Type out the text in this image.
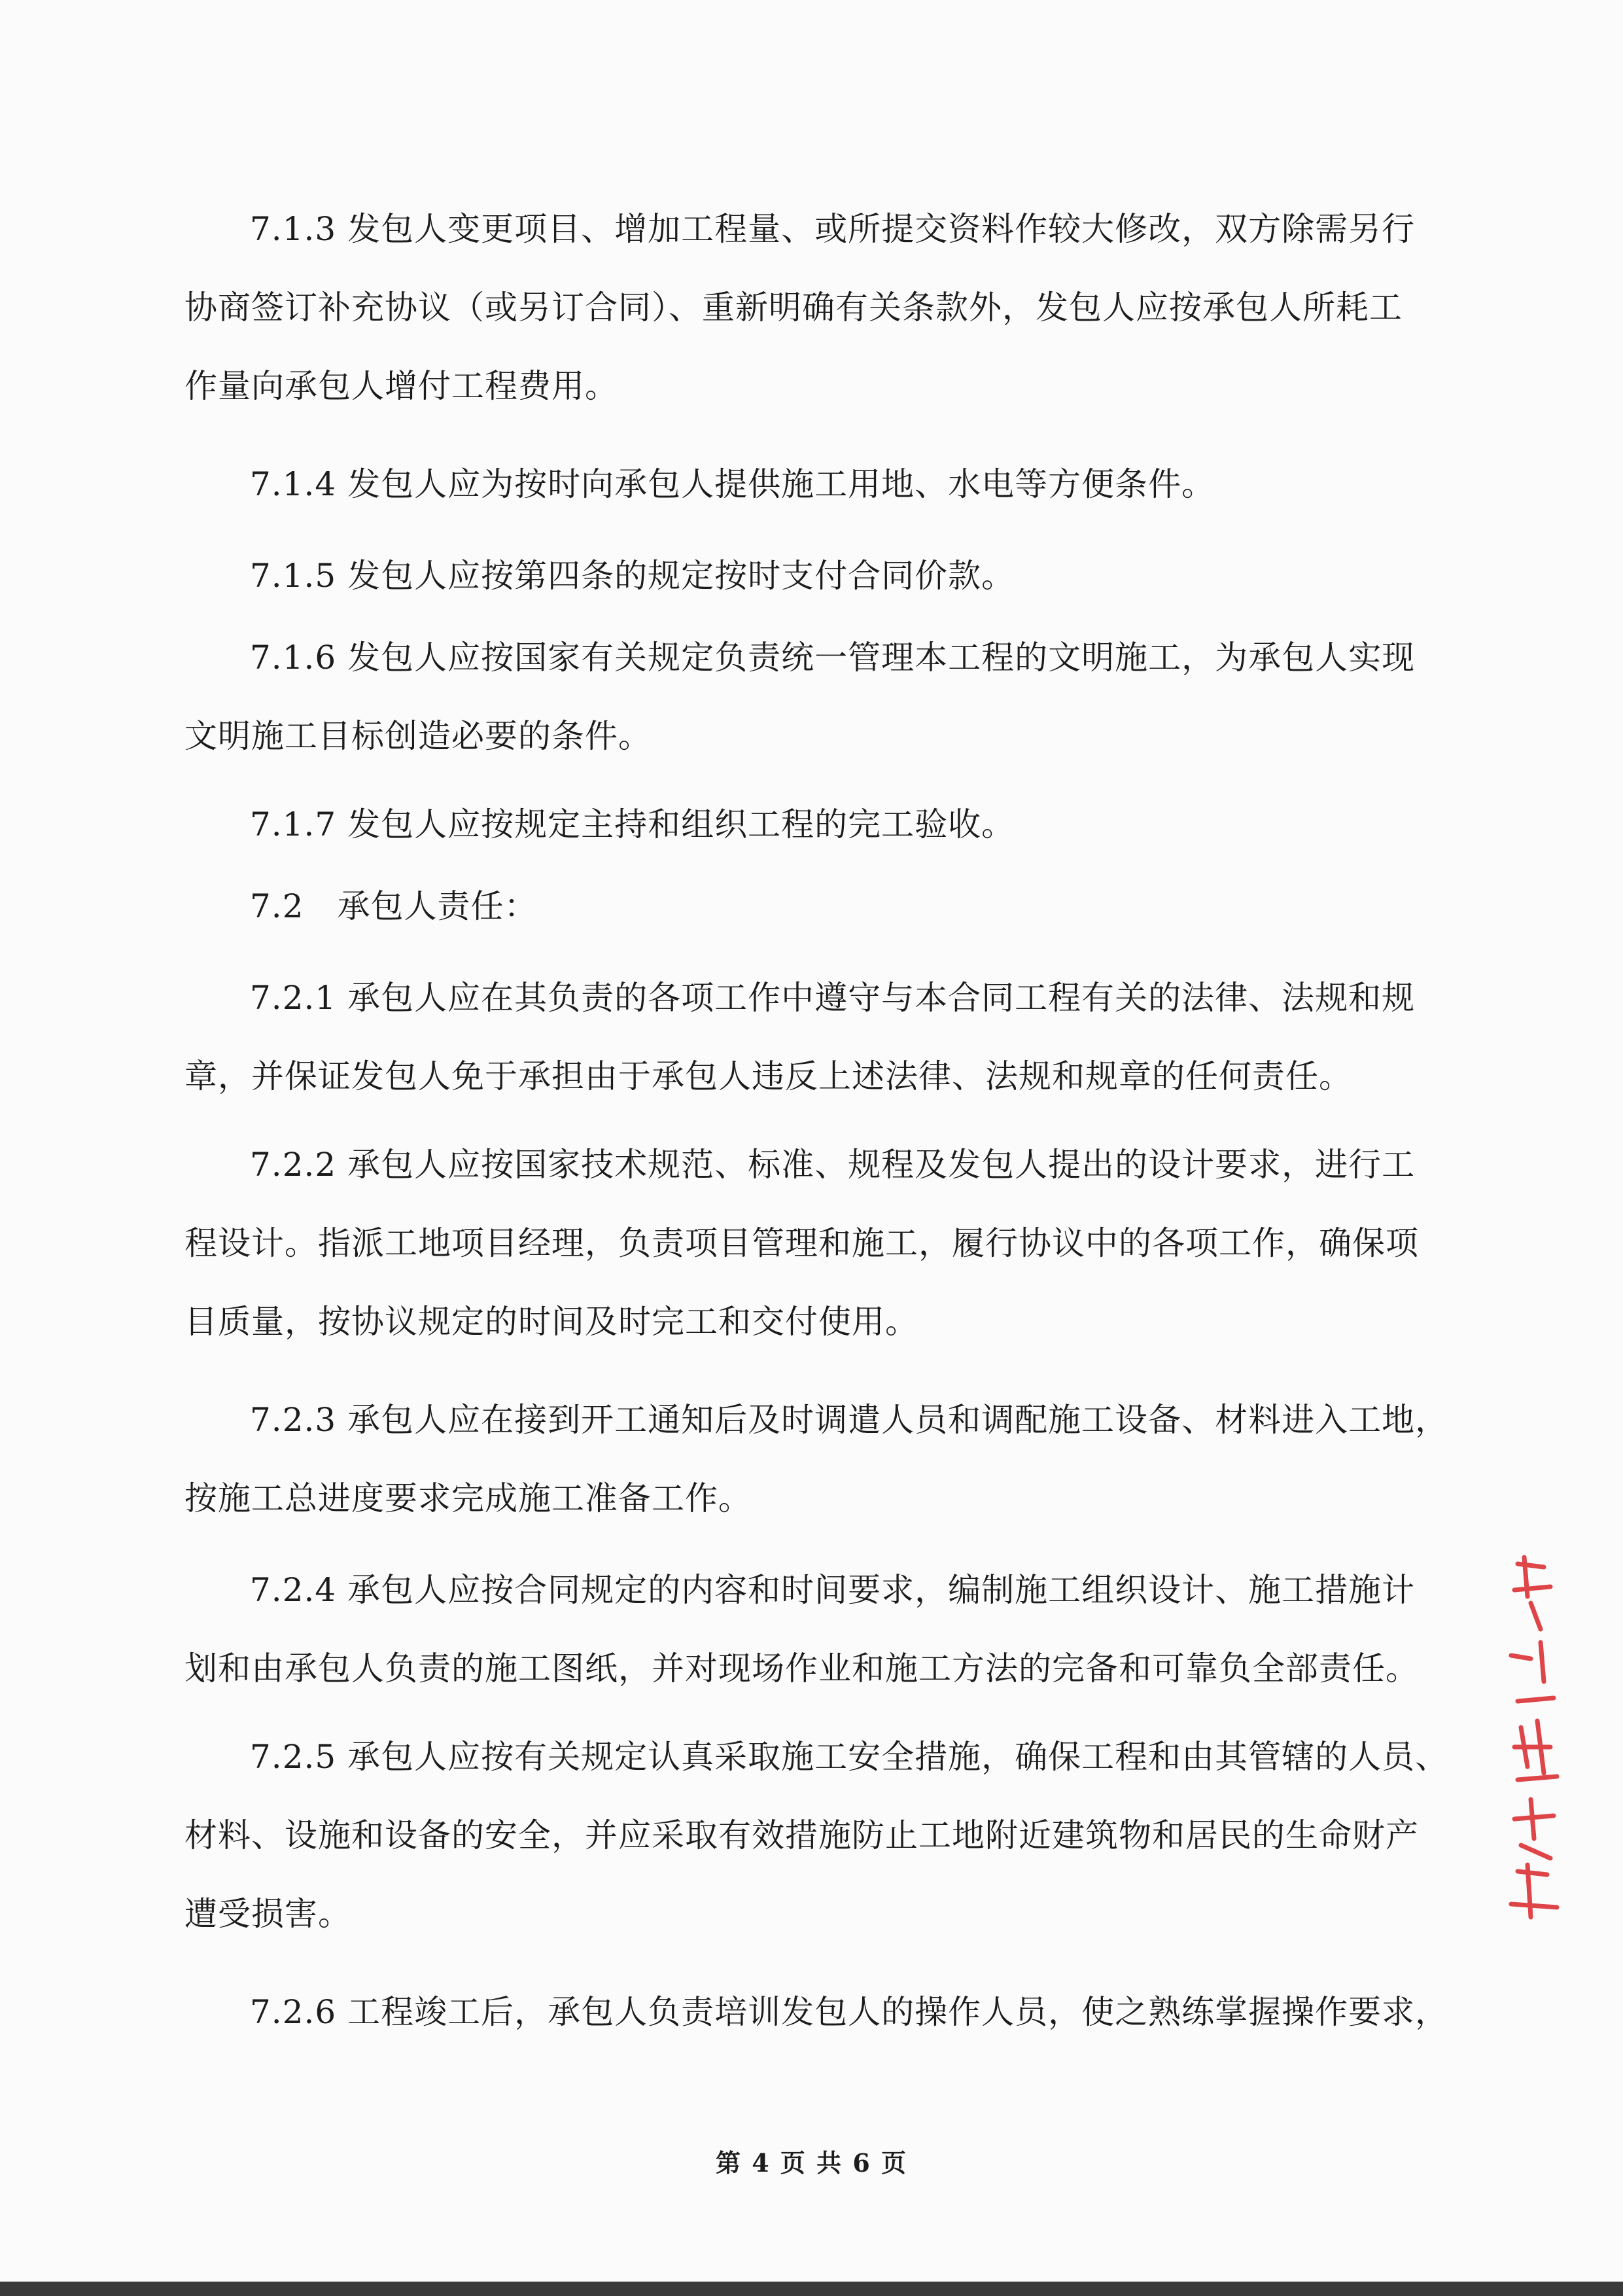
7.1.3 发包人变更项目、增加工程量、或所提交资料作较大修改，双方除需另行
协商签订补充协议（或另订合同）、重新明确有关条款外，发包人应按承包人所耗工
作量向承包人增付工程费用。
7.1.4 发包人应为按时向承包人提供施工用地、水电等方便条件。
7.1.5 发包人应按第四条的规定按时支付合同价款。
7.1.6 发包人应按国家有关规定负责统一管理本工程的文明施工，为承包人实现
文明施工目标创造必要的条件。
7.1.7 发包人应按规定主持和组织工程的完工验收。
7.2　承包人责任：
7.2.1 承包人应在其负责的各项工作中遵守与本合同工程有关的法律、法规和规
章，并保证发包人免于承担由于承包人违反上述法律、法规和规章的任何责任。
7.2.2 承包人应按国家技术规范、标准、规程及发包人提出的设计要求，进行工
程设计。指派工地项目经理，负责项目管理和施工，履行协议中的各项工作，确保项
目质量，按协议规定的时间及时完工和交付使用。
7.2.3 承包人应在接到开工通知后及时调遣人员和调配施工设备、材料进入工地，
按施工总进度要求完成施工准备工作。
7.2.4 承包人应按合同规定的内容和时间要求，编制施工组织设计、施工措施计
划和由承包人负责的施工图纸，并对现场作业和施工方法的完备和可靠负全部责任。
7.2.5 承包人应按有关规定认真采取施工安全措施，确保工程和由其管辖的人员、
材料、设施和设备的安全，并应采取有效措施防止工地附近建筑物和居民的生命财产
遭受损害。
7.2.6 工程竣工后，承包人负责培训发包人的操作人员，使之熟练掌握操作要求，
第 4 页 共 6 页
